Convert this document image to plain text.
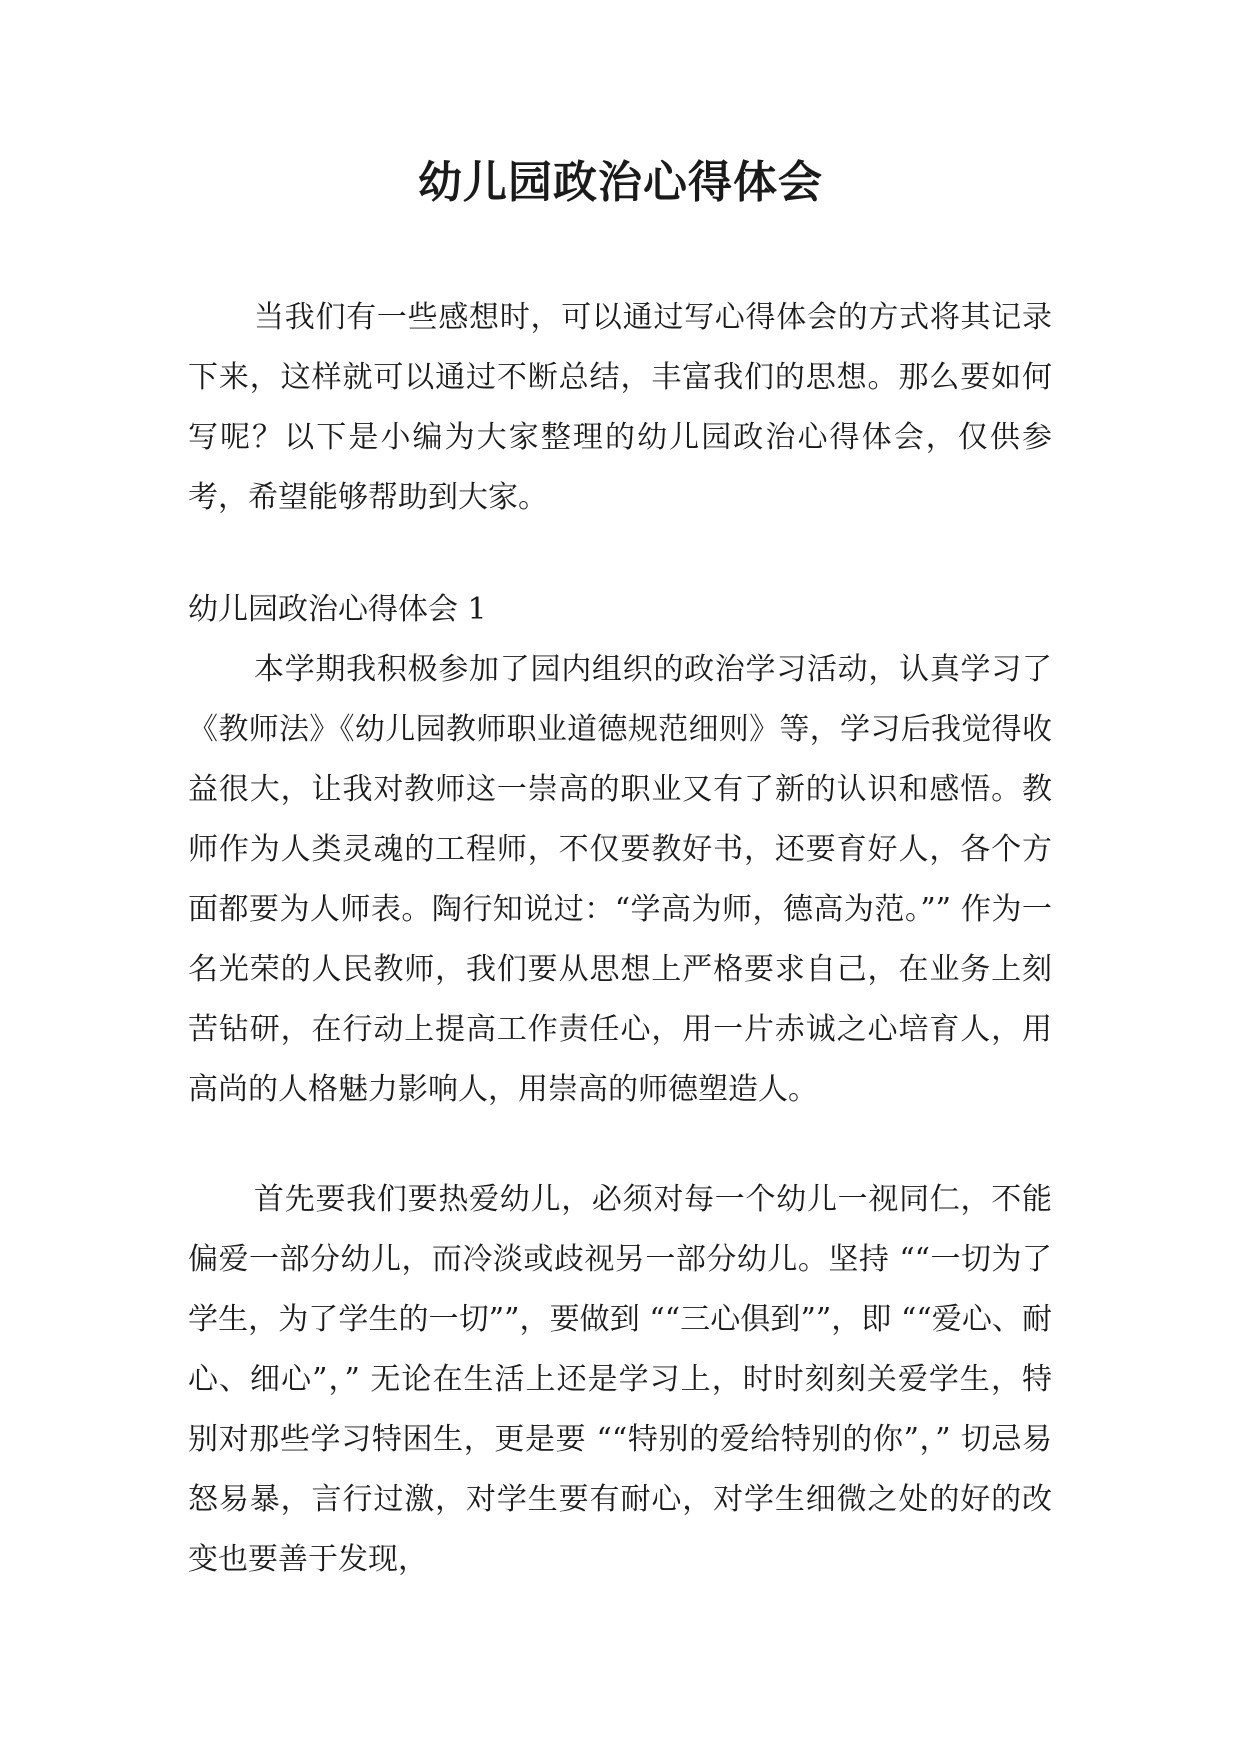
幼儿园政治心得体会

当我们有一些感想时，可以通过写心得体会的方式将其记录下来，这样就可以通过不断总结，丰富我们的思想。那么要如何写呢？以下是小编为大家整理的幼儿园政治心得体会，仅供参考，希望能够帮助到大家。

幼儿园政治心得体会 1

本学期我积极参加了园内组织的政治学习活动，认真学习了《教师法》《幼儿园教师职业道德规范细则》等，学习后我觉得收益很大，让我对教师这一崇高的职业又有了新的认识和感悟。教师作为人类灵魂的工程师，不仅要教好书，还要育好人，各个方面都要为人师表。陶行知说过：“学高为师，德高为范。”” 作为一名光荣的人民教师，我们要从思想上严格要求自己，在业务上刻苦钻研，在行动上提高工作责任心，用一片赤诚之心培育人，用高尚的人格魅力影响人，用崇高的师德塑造人。

首先要我们要热爱幼儿，必须对每一个幼儿一视同仁，不能偏爱一部分幼儿，而冷淡或歧视另一部分幼儿。坚持 ““一切为了学生，为了学生的一切””，要做到 ““三心俱到””，即 ““爱心、耐心、细心”，” 无论在生活上还是学习上，时时刻刻关爱学生，特别对那些学习特困生，更是要 ““特别的爱给特别的你”，” 切忌易怒易暴，言行过激，对学生要有耐心，对学生细微之处的好的改变也要善于发现，
